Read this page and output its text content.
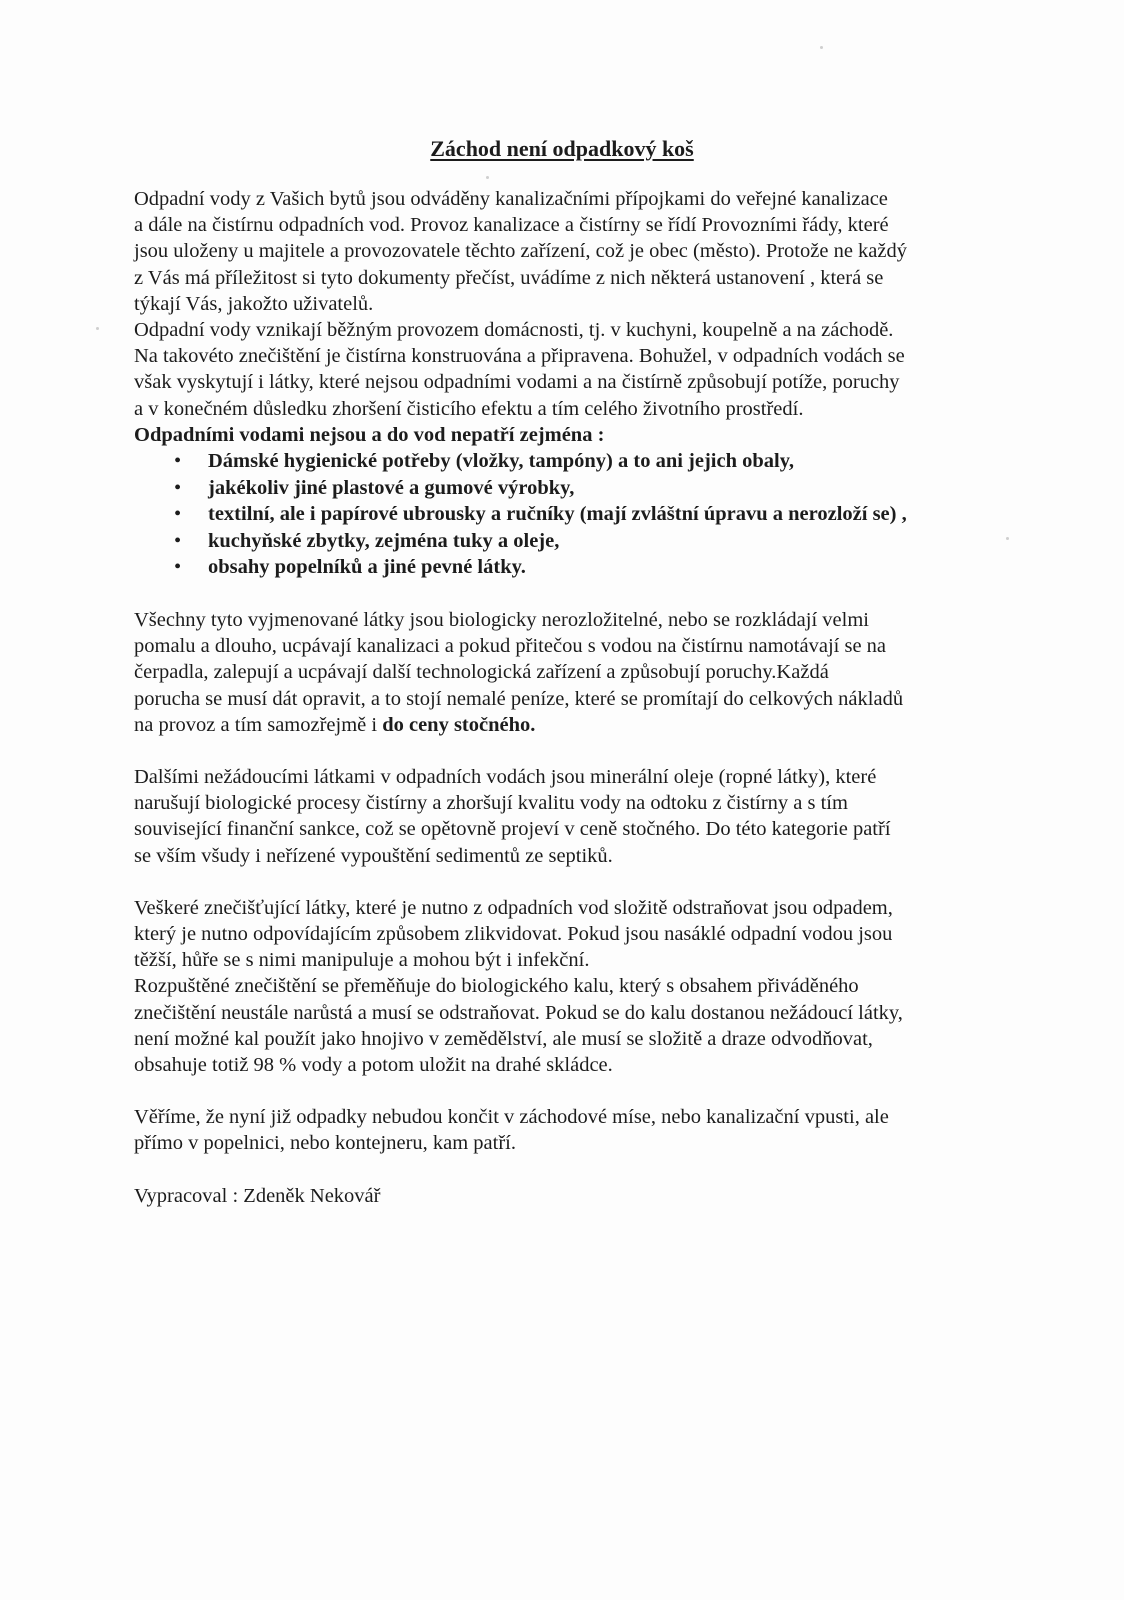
Záchod není odpadkový koš
Odpadní vody z Vašich bytů jsou odváděny kanalizačními přípojkami do veřejné kanalizace
a dále na čistírnu odpadních vod. Provoz kanalizace a čistírny se řídí Provozními řády, které
jsou uloženy u majitele a provozovatele těchto zařízení, což je obec (město). Protože ne každý
z Vás má příležitost si tyto dokumenty přečíst, uvádíme z nich některá ustanovení , která se
týkají Vás, jakožto uživatelů.
Odpadní vody vznikají běžným provozem domácnosti, tj. v kuchyni, koupelně a na záchodě.
Na takovéto znečištění je čistírna konstruována a připravena. Bohužel, v odpadních vodách se
však vyskytují i látky, které nejsou odpadními vodami a na čistírně způsobují potíže, poruchy
a v konečném důsledku zhoršení čisticího efektu a tím celého životního prostředí.
Odpadními vodami nejsou a do vod nepatří zejména :
• Dámské hygienické potřeby (vložky, tampóny) a to ani jejich obaly,
• jakékoliv jiné plastové a gumové výrobky,
• textilní, ale i papírové ubrousky a ručníky (mají zvláštní úpravu a nerozloží se) ,
• kuchyňské zbytky, zejména tuky a oleje,
• obsahy popelníků a jiné pevné látky.
Všechny tyto vyjmenované látky jsou biologicky nerozložitelné, nebo se rozkládají velmi
pomalu a dlouho, ucpávají kanalizaci a pokud přitečou s vodou na čistírnu namotávají se na
čerpadla, zalepují a ucpávají další technologická zařízení a způsobují poruchy.Každá
porucha se musí dát opravit, a to stojí nemalé peníze, které se promítají do celkových nákladů
na provoz a tím samozřejmě i do ceny stočného.
Dalšími nežádoucími látkami v odpadních vodách jsou minerální oleje (ropné látky), které
narušují biologické procesy čistírny a zhoršují kvalitu vody na odtoku z čistírny a s tím
související finanční sankce, což se opětovně projeví v ceně stočného. Do této kategorie patří
se vším všudy i neřízené vypouštění sedimentů ze septiků.
Veškeré znečišťující látky, které je nutno z odpadních vod složitě odstraňovat jsou odpadem,
který je nutno odpovídajícím způsobem zlikvidovat. Pokud jsou nasáklé odpadní vodou jsou
těžší, hůře se s nimi manipuluje a mohou být i infekční.
Rozpuštěné znečištění se přeměňuje do biologického kalu, který s obsahem přiváděného
znečištění neustále narůstá a musí se odstraňovat. Pokud se do kalu dostanou nežádoucí látky,
není možné kal použít jako hnojivo v zemědělství, ale musí se složitě a draze odvodňovat,
obsahuje totiž 98 % vody a potom uložit na drahé skládce.
Věříme, že nyní již odpadky nebudou končit v záchodové míse, nebo kanalizační vpusti, ale
přímo v popelnici, nebo kontejneru, kam patří.
Vypracoval : Zdeněk Nekovář
